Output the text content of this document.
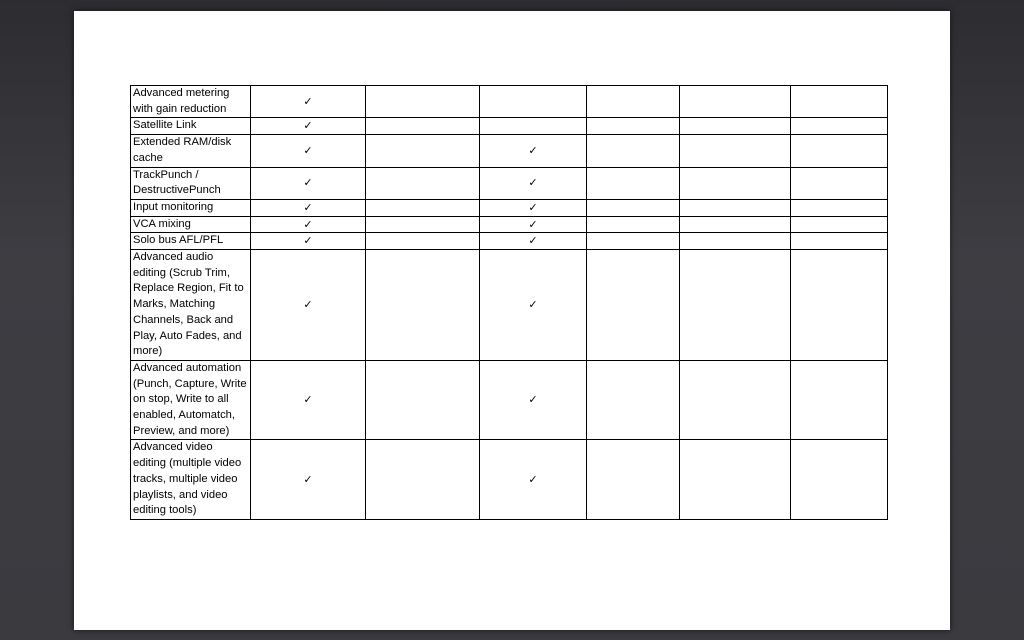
Advanced metering with gain reduction	✓					
Satellite Link	✓					
Extended RAM/disk cache	✓		✓			
TrackPunch / DestructivePunch	✓		✓			
Input monitoring	✓		✓			
VCA mixing	✓		✓			
Solo bus AFL/PFL	✓		✓			
Advanced audio editing (Scrub Trim, Replace Region, Fit to Marks, Matching Channels, Back and Play, Auto Fades, and more)	✓		✓			
Advanced automation (Punch, Capture, Write on stop, Write to all enabled, Automatch, Preview, and more)	✓		✓			
Advanced video editing (multiple video tracks, multiple video playlists, and video editing tools)	✓		✓			
